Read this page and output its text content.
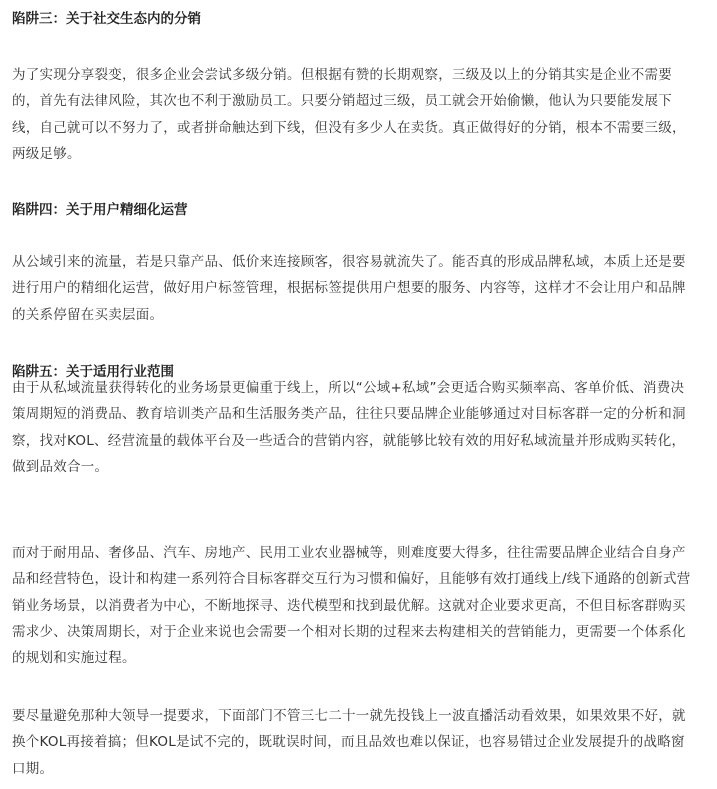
陷阱三：关于社交生态内的分销

为了实现分享裂变，很多企业会尝试多级分销。但根据有赞的长期观察，三级及以上的分销其实是企业不需要
的，首先有法律风险，其次也不利于激励员工。只要分销超过三级，员工就会开始偷懒，他认为只要能发展下
线，自己就可以不努力了，或者拼命触达到下线，但没有多少人在卖货。真正做得好的分销，根本不需要三级，
两级足够。

陷阱四：关于用户精细化运营

从公域引来的流量，若是只靠产品、低价来连接顾客，很容易就流失了。能否真的形成品牌私域，本质上还是要
进行用户的精细化运营，做好用户标签管理，根据标签提供用户想要的服务、内容等，这样才不会让用户和品牌
的关系停留在买卖层面。

陷阱五：关于适用行业范围

由于从私域流量获得转化的业务场景更偏重于线上，所以“公域+私域”会更适合购买频率高、客单价低、消费决
策周期短的消费品、教育培训类产品和生活服务类产品，往往只要品牌企业能够通过对目标客群一定的分析和洞
察，找对KOL、经营流量的载体平台及一些适合的营销内容，就能够比较有效的用好私域流量并形成购买转化，
做到品效合一。

而对于耐用品、奢侈品、汽车、房地产、民用工业农业器械等，则难度要大得多，往往需要品牌企业结合自身产
品和经营特色，设计和构建一系列符合目标客群交互行为习惯和偏好，且能够有效打通线上/线下通路的创新式营
销业务场景，以消费者为中心，不断地探寻、迭代模型和找到最优解。这就对企业要求更高，不但目标客群购买
需求少、决策周期长，对于企业来说也会需要一个相对长期的过程来去构建相关的营销能力，更需要一个体系化
的规划和实施过程。

要尽量避免那种大领导一提要求，下面部门不管三七二十一就先投钱上一波直播活动看效果，如果效果不好，就
换个KOL再接着搞；但KOL是试不完的，既耽误时间，而且品效也难以保证，也容易错过企业发展提升的战略窗
口期。
